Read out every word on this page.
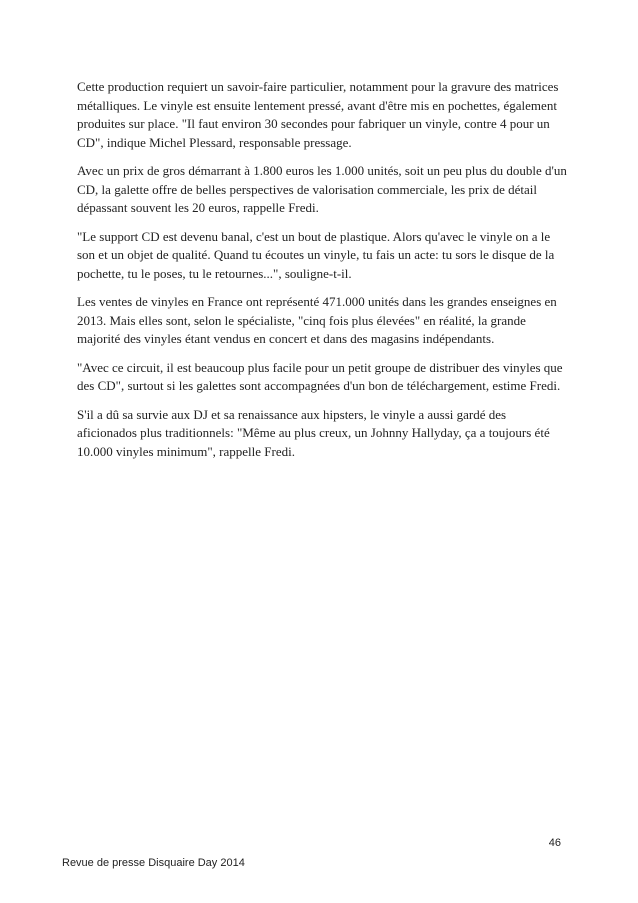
Cette production requiert un savoir-faire particulier, notamment pour la gravure des matrices métalliques. Le vinyle est ensuite lentement pressé, avant d'être mis en pochettes, également produites sur place. "Il faut environ 30 secondes pour fabriquer un vinyle, contre 4 pour un CD", indique Michel Plessard, responsable pressage.

Avec un prix de gros démarrant à 1.800 euros les 1.000 unités, soit un peu plus du double d'un CD, la galette offre de belles perspectives de valorisation commerciale, les prix de détail dépassant souvent les 20 euros, rappelle Fredi.

"Le support CD est devenu banal, c'est un bout de plastique. Alors qu'avec le vinyle on a le son et un objet de qualité. Quand tu écoutes un vinyle, tu fais un acte: tu sors le disque de la pochette, tu le poses, tu le retournes...", souligne-t-il.

Les ventes de vinyles en France ont représenté 471.000 unités dans les grandes enseignes en 2013. Mais elles sont, selon le spécialiste, "cinq fois plus élevées" en réalité, la grande majorité des vinyles étant vendus en concert et dans des magasins indépendants.

"Avec ce circuit, il est beaucoup plus facile pour un petit groupe de distribuer des vinyles que des CD", surtout si les galettes sont accompagnées d'un bon de téléchargement, estime Fredi.

S'il a dû sa survie aux DJ et sa renaissance aux hipsters, le vinyle a aussi gardé des aficionados plus traditionnels: "Même au plus creux, un Johnny Hallyday, ça a toujours été 10.000 vinyles minimum", rappelle Fredi.

46
Revue de presse Disquaire Day 2014
